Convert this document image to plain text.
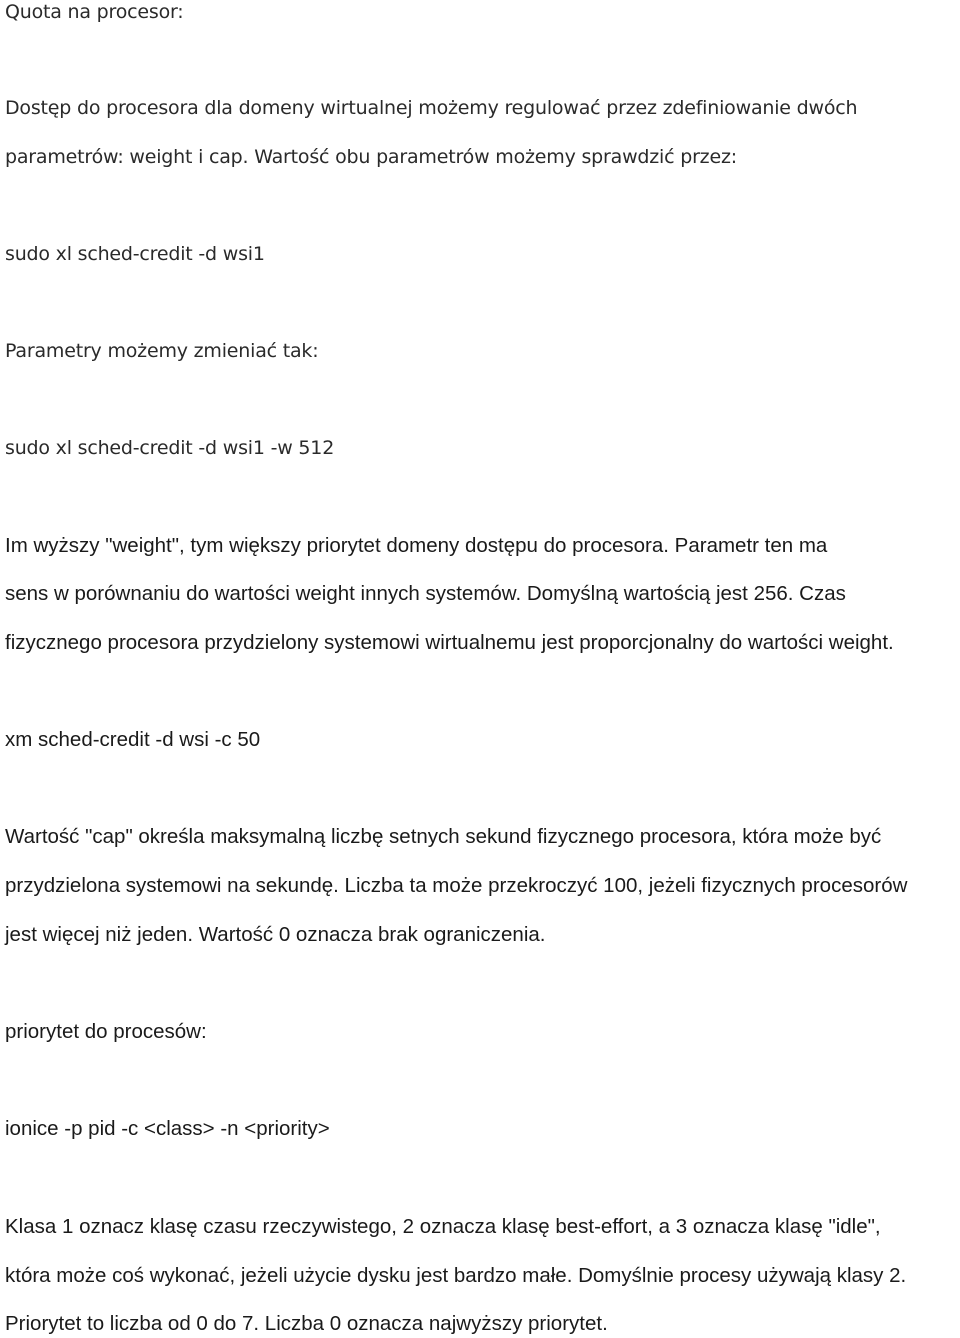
Quota na procesor:
Dostęp do procesora dla domeny wirtualnej możemy regulować przez zdefiniowanie dwóch
parametrów: weight i cap. Wartość obu parametrów możemy sprawdzić przez:
sudo xl sched-credit -d wsi1
Parametry możemy zmieniać tak:
sudo xl sched-credit -d wsi1 -w 512
Im wyższy "weight", tym większy priorytet domeny dostępu do procesora. Parametr ten ma
sens w porównaniu do wartości weight innych systemów. Domyślną wartością jest 256. Czas
fizycznego procesora przydzielony systemowi wirtualnemu jest proporcjonalny do wartości weight.
xm sched-credit -d wsi -c 50
Wartość "cap" określa maksymalną liczbę setnych sekund fizycznego procesora, która może być
przydzielona systemowi na sekundę. Liczba ta może przekroczyć 100, jeżeli fizycznych procesorów
jest więcej niż jeden. Wartość 0 oznacza brak ograniczenia.
priorytet do procesów:
ionice -p pid -c <class> -n <priority>
Klasa 1 oznacz klasę czasu rzeczywistego, 2 oznacza klasę best-effort, a 3 oznacza klasę "idle",
która może coś wykonać, jeżeli użycie dysku jest bardzo małe. Domyślnie procesy używają klasy 2.
Priorytet to liczba od 0 do 7. Liczba 0 oznacza najwyższy priorytet.
